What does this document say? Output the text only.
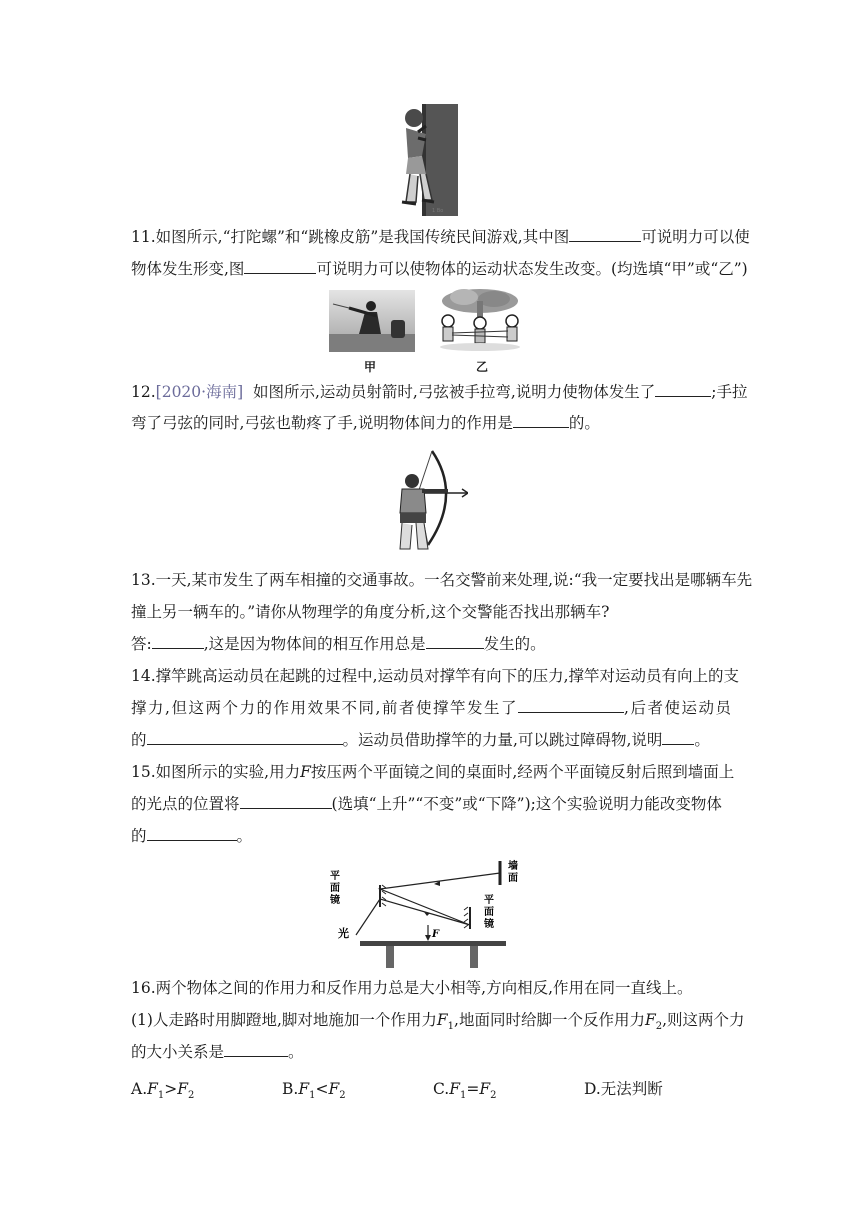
1 Bo
11.如图所示,“打陀螺”和“跳橡皮筋”是我国传统民间游戏,其中图	可说明力可以使
物体发生形变,图	可说明力可以使物体的运动状态发生改变。(均选填“甲”或“乙”)
甲	乙
12.[2020·海南] 如图所示,运动员射箭时,弓弦被手拉弯,说明力使物体发生了	;手拉
弯了弓弦的同时,弓弦也勒疼了手,说明物体间力的作用是	的。
13.一天,某市发生了两车相撞的交通事故。一名交警前来处理,说:“我一定要找出是哪辆车先
撞上另一辆车的。”请你从物理学的角度分析,这个交警能否找出那辆车?
答:	,这是因为物体间的相互作用总是	发生的。
14.撑竿跳高运动员在起跳的过程中,运动员对撑竿有向下的压力,撑竿对运动员有向上的支
撑力,但这两个力的作用效果不同,前者使撑竿发生了	,后者使运动员
的	。运动员借助撑竿的力量,可以跳过障碍物,说明 。
15.如图所示的实验,用力F按压两个平面镜之间的桌面时,经两个平面镜反射后照到墙面上
的光点的位置将	(选填“上升”“不变”或“下降”);这个实验说明力能改变物体
的	。
墙
面
平
面
镜	平
面
镜
光	F
16.两个物体之间的作用力和反作用力总是大小相等,方向相反,作用在同一直线上。
(1)人走路时用脚蹬地,脚对地施加一个作用力$F_1$,地面同时给脚一个反作用力$F_2$,则这两个力
的大小关系是	。
$A.F_1>F_2$	$B.F_1<F_2$	$C.F_1=F_2$	D.无法判断
